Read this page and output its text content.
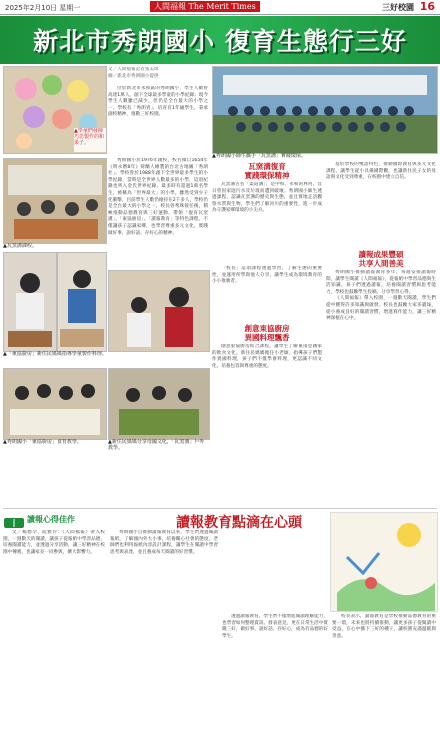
2025年2月10日 星期一	人間福報 The Merit Times	三好校園 16
新北市秀朗國小 復育生態行三好
▲學童們發揮巧思製作的和果子。
文／人間福報記者張美璋
圖／新北市秀朗國小提供

位於新北市永和區的秀朗國小，學生人數曾高達1萬人，創下全球最多學童的小學紀錄；現今學生人數雖已減少，但仍是全台最大的小學之一。學校有「秀朗青」，培育有1年級學生，秉承創校精神，推動三好校園。

▲秀朗國小師生攜手「瓦窯溝」實踐環保。
▲瓦窯溝課程。

秀朗國小於1976年創校，校名綠自1654年《明永曆8年》荷蘭人繪製的台北古地圖「秀朗社」。學校曾於1988年創下全世界最多學生的小學紀錄，當時是全世界人數最多的小學，這項紀錄也列入金氏世界紀錄。最多時有超過1萬名學生，被稱為「世界最大」的小學。雖然受到少子化衝擊，目前學生人數仍維持在2千多人，學校仍是全台最大的小學之一。校長曾秀珠接任後，積極推動品德教育與三好運動，帶領「復育瓦窯溝」、「東協廚房」、「讀報教育」等特色課程，不僅讓孩子認識家鄉，也學習尊重多元文化，實踐做好事、說好話、存好心的精神。

瓦窯溝復育
實踐環保精神

瓦窯溝古名「渠道溝」，是中和、永和的界河，昔日曾因家庭污水及垃圾而遭到破壞。秀朗國小師生透過課程，認識瓦窯溝的歷史與生態，並且實地走訪觀察水質與生物，學生們了解河川的重要性，進一步成為守護家鄉環境的小尖兵。

基於學校的雙語特色，推動國際教育與多元文化課程，讓學生從小具備國際觀，也讓新住民子女的母語與文化受到尊重，在校園中建立自信。

讀報成果豐碩
共享人間善美

秀朗國小推動讀報教育多年，每週安排讀報時間，讓學生閱讀《人間福報》，從報紙中學習品德與生活知識。孩子們透過讀報，培養閱讀習慣與思考能力，學校也鼓勵學生投稿，分享學習心得。

《人間福報》帶入校園，一週數天閱讀，學生們從中獲得許多知識與啟發。校長也鼓勵大家多讀報，從小養成良好的閱讀習慣，增進寫作能力，讓三好精神深植在心中。

▲「東協廚房」新住民媽媽指導學童製作料理。

「校長」這項課程透過學習，了解生態的重要性，並運用所學與他人分享，讓學生成為環境教育的小小推廣者。

創意東協廚房
異國料理飄香

創意東協廚房結合課程，讓學生了解東南亞國家的飲食文化。新住民媽媽擔任小老師，指導孩子們製作異國料理，孩子們不僅學會料理，更認識不同文化，培養包容與尊重的態度。

▲秀朗國小「東協廚房」食育教學。	▲新住民媽媽分享母國文化，「瓦窯溝」戶外教學。
讀報心得佳作	讀報教育點滴在心頭

文／楊德孕、阮雅伶：《人間福報》帶入校園，一週數天的閱讀，讓孩子從報紙中學習品德，培養閱讀能力，並透過分享活動，讓三好精神在校園中傳遞，也讓家長一同參與，擴大影響力。

秀朗國小自推動讀報教育以來，學生們透過閱讀報紙，了解國內外大小事，培養關心社會的態度。老師們也利用報紙內容設計課程，讓學生在閱讀中學習思考與表達，並且養成每天閱讀的好習慣。

透過讀報教育，學生們不僅增進閱讀理解能力，也學習如何整理資訊、發表意見，更在日常生活中實踐三好，做好事、說好話、存好心，成為有品德的好學生。

校長表示，讀報教育是學校推動品德教育的重要一環，未來也將持續推動，讓更多孩子從閱讀中受益，在心中播下三好的種子，讓校園充滿溫暖與善意。
